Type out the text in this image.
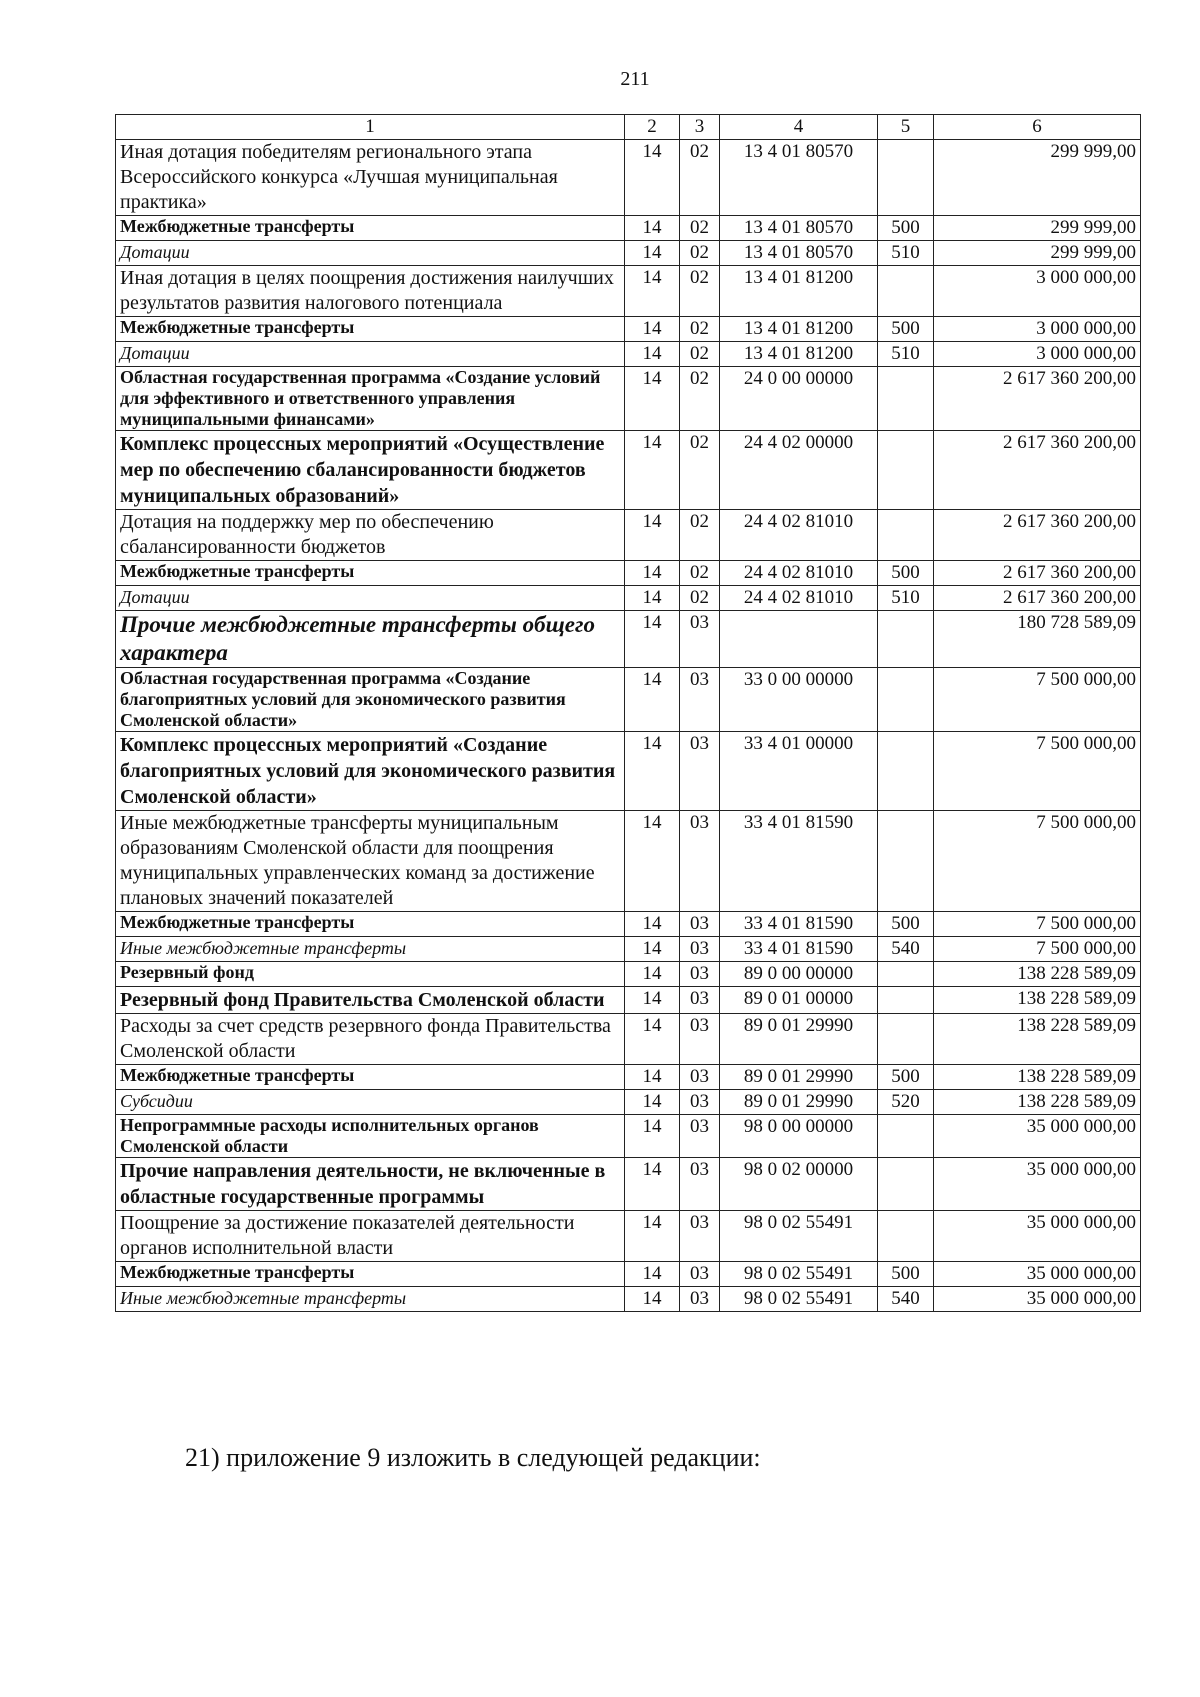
211
1	2	3	4	5	6
Иная дотация победителям регионального этапа Всероссийского конкурса «Лучшая муниципальная практика»	14	02	13 4 01 80570		299 999,00
Межбюджетные трансферты	14	02	13 4 01 80570	500	299 999,00
Дотации	14	02	13 4 01 80570	510	299 999,00
Иная дотация в целях поощрения достижения наилучших результатов развития налогового потенциала	14	02	13 4 01 81200		3 000 000,00
Межбюджетные трансферты	14	02	13 4 01 81200	500	3 000 000,00
Дотации	14	02	13 4 01 81200	510	3 000 000,00
Областная государственная программа «Создание условий для эффективного и ответственного управления муниципальными финансами»	14	02	24 0 00 00000		2 617 360 200,00
Комплекс процессных мероприятий «Осуществление мер по обеспечению сбалансированности бюджетов муниципальных образований»	14	02	24 4 02 00000		2 617 360 200,00
Дотация на поддержку мер по обеспечению сбалансированности бюджетов	14	02	24 4 02 81010		2 617 360 200,00
Межбюджетные трансферты	14	02	24 4 02 81010	500	2 617 360 200,00
Дотации	14	02	24 4 02 81010	510	2 617 360 200,00
Прочие межбюджетные трансферты общего характера	14	03			180 728 589,09
Областная государственная программа «Создание благоприятных условий для экономического развития Смоленской области»	14	03	33 0 00 00000		7 500 000,00
Комплекс процессных мероприятий «Создание благоприятных условий для экономического развития Смоленской области»	14	03	33 4 01 00000		7 500 000,00
Иные межбюджетные трансферты муниципальным образованиям Смоленской области для поощрения муниципальных управленческих команд за достижение плановых значений показателей	14	03	33 4 01 81590		7 500 000,00
Межбюджетные трансферты	14	03	33 4 01 81590	500	7 500 000,00
Иные межбюджетные трансферты	14	03	33 4 01 81590	540	7 500 000,00
Резервный фонд	14	03	89 0 00 00000		138 228 589,09
Резервный фонд Правительства Смоленской области	14	03	89 0 01 00000		138 228 589,09
Расходы за счет средств резервного фонда Правительства Смоленской области	14	03	89 0 01 29990		138 228 589,09
Межбюджетные трансферты	14	03	89 0 01 29990	500	138 228 589,09
Субсидии	14	03	89 0 01 29990	520	138 228 589,09
Непрограммные расходы исполнительных органов Смоленской области	14	03	98 0 00 00000		35 000 000,00
Прочие направления деятельности, не включенные в областные государственные программы	14	03	98 0 02 00000		35 000 000,00
Поощрение за достижение показателей деятельности органов исполнительной власти	14	03	98 0 02 55491		35 000 000,00
Межбюджетные трансферты	14	03	98 0 02 55491	500	35 000 000,00
Иные межбюджетные трансферты	14	03	98 0 02 55491	540	35 000 000,00
21) приложение 9 изложить в следующей редакции:
